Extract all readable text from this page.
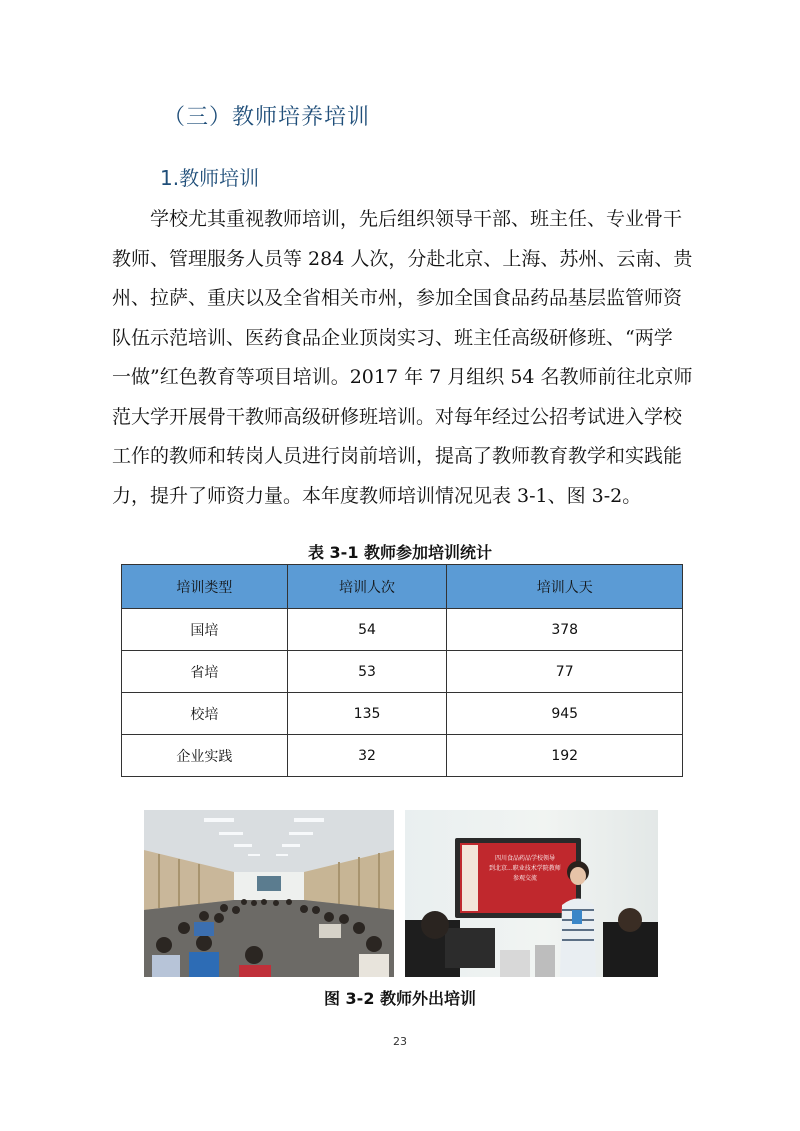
（三）教师培养培训
1.教师培训
学校尤其重视教师培训，先后组织领导干部、班主任、专业骨干
教师、管理服务人员等 284 人次，分赴北京、上海、苏州、云南、贵
州、拉萨、重庆以及全省相关市州，参加全国食品药品基层监管师资
队伍示范培训、医药食品企业顶岗实习、班主任高级研修班、“两学
一做”红色教育等项目培训。2017 年 7 月组织 54 名教师前往北京师
范大学开展骨干教师高级研修班培训。对每年经过公招考试进入学校
工作的教师和转岗人员进行岗前培训，提高了教师教育教学和实践能
力，提升了师资力量。本年度教师培训情况见表 3-1、图 3-2。
表 3-1 教师参加培训统计
培训类型	培训人次	培训人天
国培	54	378
省培	53	77
校培	135	945
企业实践	32	192
四川食品药品学校领导
到北京...职业技术学院教师
参观交流
图 3-2 教师外出培训
23
